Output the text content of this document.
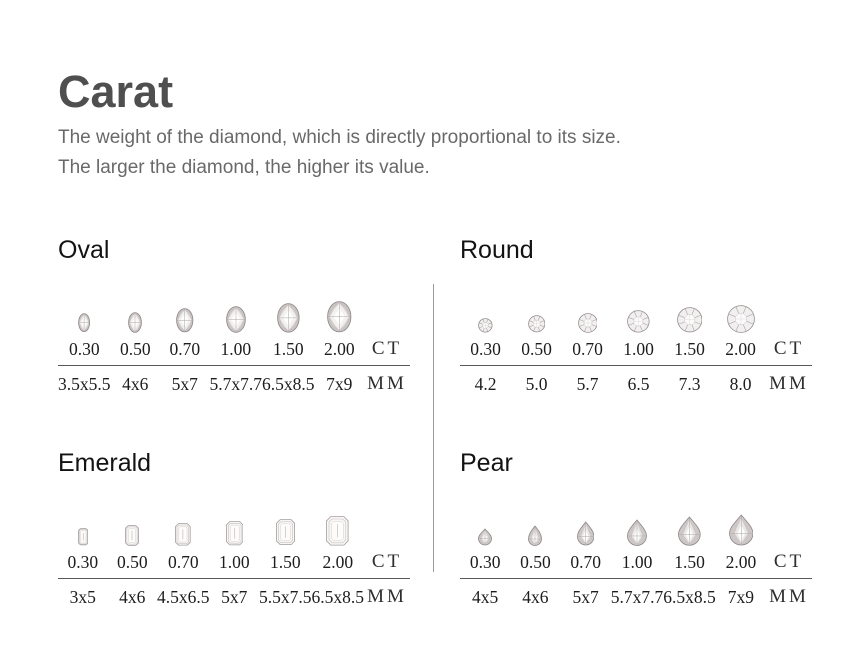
Carat
The weight of the diamond, which is directly proportional to its size.
The larger the diamond, the higher its value.
Oval
0.30	0.50	0.70	1.00	1.50	2.00 CT
3.5x5.5 4x6	5x7 5.7x7.7 6.5x8.5 7x9 MM
Round
0.30	0.50	0.70	1.00	1.50	2.00 CT
4.2	5.0	5.7	6.5	7.3	8.0 MM
Emerald
0.30	0.50	0.70	1.00	1.50	2.00 CT
3x5	4x6 4.5x6.5 5x7 5.5x7.5 6.5x8.5 MM
Pear
0.30	0.50	0.70	1.00	1.50	2.00 CT
4x5	4x6	5x7 5.7x7.7 6.5x8.5 7x9 MM
